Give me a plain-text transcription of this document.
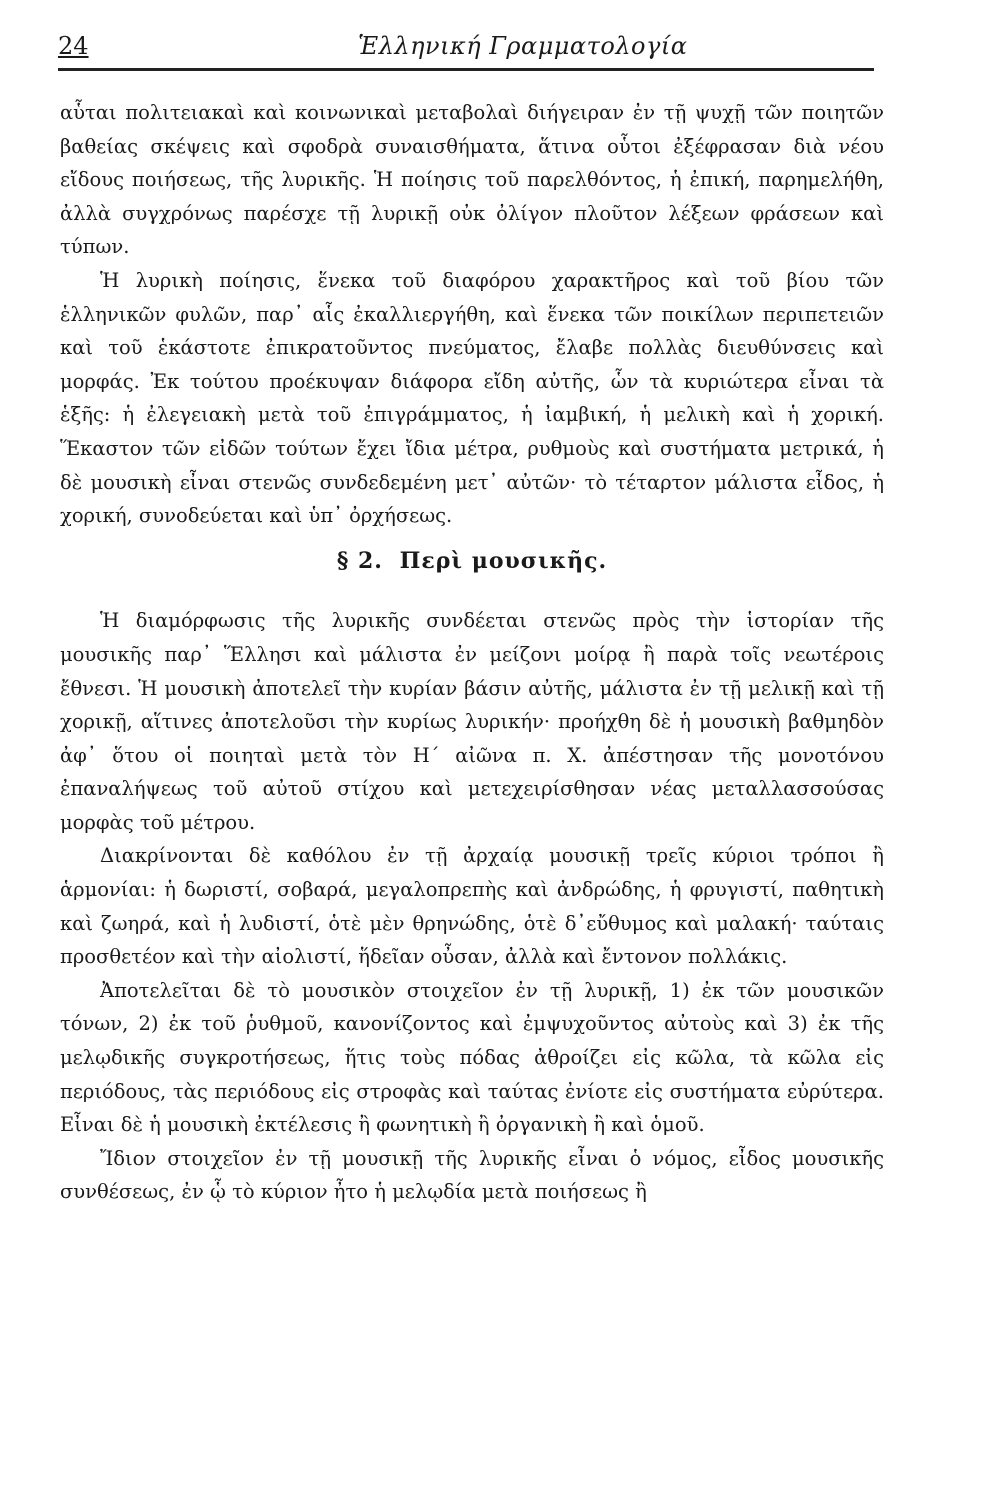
24	Ἑλληνική Γραμματολογία

αὗται πολιτειακαὶ καὶ κοινωνικαὶ μεταβολαὶ διήγειραν ἐν τῇ ψυχῇ τῶν ποιητῶν βαθείας σκέψεις καὶ σφοδρὰ συναισθήματα, ἅτινα οὗτοι ἐξέφρασαν διὰ νέου εἴδους ποιήσεως, τῆς λυρικῆς. Ἡ ποίησις τοῦ παρελθόντος, ἡ ἐπική, παρημελήθη, ἀλλὰ συγχρόνως παρέσχε τῇ λυρικῇ οὐκ ὀλίγον πλοῦτον λέξεων φράσεων καὶ τύπων.

Ἡ λυρικὴ ποίησις, ἕνεκα τοῦ διαφόρου χαρακτῆρος καὶ τοῦ βίου τῶν ἑλληνικῶν φυλῶν, παρ᾽ αἷς ἐκαλλιεργήθη, καὶ ἕνεκα τῶν ποικίλων περιπετειῶν καὶ τοῦ ἑκάστοτε ἐπικρατοῦντος πνεύματος, ἔλαβε πολλὰς διευθύνσεις καὶ μορφάς. Ἐκ τούτου προέκυψαν διάφορα εἴδη αὐτῆς, ὧν τὰ κυριώτερα εἶναι τὰ ἑξῆς: ἡ ἐλεγειακὴ μετὰ τοῦ ἐπιγράμματος, ἡ ἰαμβική, ἡ μελικὴ καὶ ἡ χορική. Ἕκαστον τῶν εἰδῶν τούτων ἔχει ἴδια μέτρα, ρυθμοὺς καὶ συστήματα μετρικά, ἡ δὲ μουσικὴ εἶναι στενῶς συνδεδεμένη μετ᾽ αὐτῶν· τὸ τέταρτον μάλιστα εἶδος, ἡ χορική, συνοδεύεται καὶ ὑπ᾽ ὀρχήσεως.

§ 2. Περὶ μουσικῆς.

Ἡ διαμόρφωσις τῆς λυρικῆς συνδέεται στενῶς πρὸς τὴν ἱστορίαν τῆς μουσικῆς παρ᾽ Ἕλλησι καὶ μάλιστα ἐν μείζονι μοίρᾳ ἢ παρὰ τοῖς νεωτέροις ἔθνεσι. Ἡ μουσικὴ ἀποτελεῖ τὴν κυρίαν βάσιν αὐτῆς, μάλιστα ἐν τῇ μελικῇ καὶ τῇ χορικῇ, αἵτινες ἀποτελοῦσι τὴν κυρίως λυρικήν· προήχθη δὲ ἡ μουσικὴ βαθμηδὸν ἀφ᾽ ὅτου οἱ ποιηταὶ μετὰ τὸν Η´ αἰῶνα π. Χ. ἀπέστησαν τῆς μονοτόνου ἐπαναλήψεως τοῦ αὐτοῦ στίχου καὶ μετεχειρίσθησαν νέας μεταλλασσούσας μορφὰς τοῦ μέτρου.

Διακρίνονται δὲ καθόλου ἐν τῇ ἀρχαίᾳ μουσικῇ τρεῖς κύριοι τρόποι ἢ ἁρμονίαι: ἡ δωριστί, σοβαρά, μεγαλοπρεπὴς καὶ ἀνδρώδης, ἡ φρυγιστί, παθητικὴ καὶ ζωηρά, καὶ ἡ λυδιστί, ὁτὲ μὲν θρηνώδης, ὁτὲ δ᾽εὔθυμος καὶ μαλακή· ταύταις προσθετέον καὶ τὴν αἰολιστί, ἥδεῖαν οὖσαν, ἀλλὰ καὶ ἔντονον πολλάκις.

Ἀποτελεῖται δὲ τὸ μουσικὸν στοιχεῖον ἐν τῇ λυρικῇ, 1) ἐκ τῶν μουσικῶν τόνων, 2) ἐκ τοῦ ῥυθμοῦ, κανονίζοντος καὶ ἐμψυχοῦντος αὐτοὺς καὶ 3) ἐκ τῆς μελῳδικῆς συγκροτήσεως, ἥτις τοὺς πόδας ἀθροίζει εἰς κῶλα, τὰ κῶλα εἰς περιόδους, τὰς περιόδους εἰς στροφὰς καὶ ταύτας ἐνίοτε εἰς συστήματα εὐρύτερα. Εἶναι δὲ ἡ μουσικὴ ἐκτέλεσις ἢ φωνητικὴ ἢ ὀργανικὴ ἢ καὶ ὁμοῦ.

Ἴδιον στοιχεῖον ἐν τῇ μουσικῇ τῆς λυρικῆς εἶναι ὁ νόμος, εἶδος μουσικῆς συνθέσεως, ἐν ᾧ τὸ κύριον ἦτο ἡ μελῳδία μετὰ ποιήσεως ἢ
